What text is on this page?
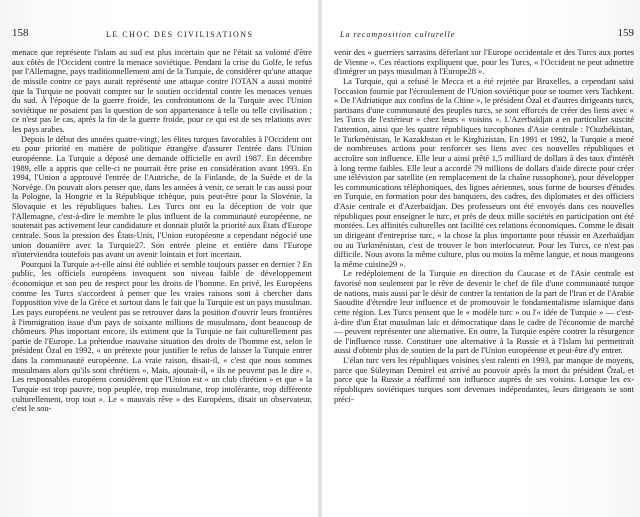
158	LE CHOC DES CIVILISATIONS

menace que représente l'islam au sud est plus incertain que ne l'était sa volonté d'être aux côtés de l'Occident contre la menace soviétique. Pendant la crise du Golfe, le refus par l'Allemagne, pays traditionnellement ami de la Turquie, de considérer qu'une attaque de missile contre ce pays aurait représenté une attaque contre l'OTAN a aussi montré que la Turquie ne pouvait compter sur le soutien occidental contre les menaces venues du sud. À l'époque de la guerre froide, les confrontations de la Turquie avec l'Union soviétique ne posaient pas la question de son appartenance à telle ou telle civilisation ; ce n'est pas le cas, après la fin de la guerre froide, pour ce qui est de ses relations avec les pays arabes.

Depuis le début des années quatre-vingt, les élites turques favorables à l'Occident ont eu pour priorité en matière de politique étrangère d'assurer l'entrée dans l'Union européenne. La Turquie a déposé une demande officielle en avril 1987. En décembre 1989, elle a appris que celle-ci ne pourrait être prise en considération avant 1993. En 1994, l'Union a approuvé l'entrée de l'Autriche, de la Finlande, de la Suède et de la Norvège. On pouvait alors penser que, dans les années à venir, ce serait le cas aussi pour la Pologne, la Hongrie et la République tchèque, puis peut-être pour la Slovénie, la Slovaquie et les républiques baltes. Les Turcs ont eu la déception de voir que l'Allemagne, c'est-à-dire le membre le plus influent de la communauté européenne, ne soutenait pas activement leur candidature et donnait plutôt la priorité aux États d'Europe centrale. Sous la pression des États-Unis, l'Union européenne a cependant négocié une union douanière avec la Turquie27. Son entrée pleine et entière dans l'Europe n'interviendra toutefois pas avant un avenir lointain et fort incertain.

Pourquoi la Turquie a-t-elle ainsi été oubliée et semble toujours passer en dernier ? En public, les officiels européens invoquent son niveau faible de développement économique et son peu de respect pour les droits de l'homme. En privé, les Européens comme les Turcs s'accordent à penser que les vraies raisons sont à chercher dans l'opposition vive de la Grèce et surtout dans le fait que la Turquie est un pays musulman. Les pays européens ne veulent pas se retrouver dans la position d'ouvrir leurs frontières à l'immigration issue d'un pays de soixante millions de musulmans, dont beaucoup de chômeurs. Plus important encore, ils estiment que la Turquie ne fait culturellement pas partie de l'Europe. La prétendue mauvaise situation des droits de l'homme est, selon le président Özal en 1992, « un prétexte pour justifier le refus de laisser la Turquie entrer dans la communauté européenne. La vraie raison, disait-il, « c'est que nous sommes musulmans alors qu'ils sont chrétiens », Mais, ajoutait-il, « ils ne peuvent pas le dire ». Les responsables européens considèrent que l'Union est « un club chrétien » et que « la Turquie est trop pauvre, trop peuplée, trop musulmane, trop intolérante, trop différente culturellement, trop tout ». Le « mauvais rêve » des Européens, disait un observateur, c'est le sou-

La recomposition culturelle	159

venir des « guerriers sarrasins déferlant sur l'Europe occidentale et des Turcs aux portes de Vienne ». Ces réactions expliquent que, pour les Turcs, « l'Occident ne peut admettre d'intégrer un pays musulman à l'Europe28 ».

La Turquie, qui a refusé le Mecca et a été rejetée par Bruxelles, a cependant saisi l'occasion fournie par l'écroulement de l'Union soviétique pour se tourner vers Tachkent. « De l'Adriatique aux confins de la Chine », le président Özal et d'autres dirigeants turcs, partisans d'une communauté des peuples turcs, se sont efforcés de créer des liens avec « les Turcs de l'extérieur » chez leurs « voisins ». L'Azerbaïdjan a en particulier suscité l'attention, ainsi que les quatre républiques turcophones d'Asie centrale : l'Ouzbékistan, le Turkménistan, le Kazakhstan et le Kirghizistan. En 1991 et 1992, la Turquie a mené de nombreuses actions pour renforcer ses liens avec ces nouvelles républiques et accroître son influence. Elle leur a ainsi prêté 1,5 milliard de dollars à des taux d'intérêt à long terme faibles. Elle leur a accordé 79 millions de dollars d'aide directe pour créer une télévision par satellite (en remplacement de la chaîne russophone), pour développer les communications téléphoniques, des lignes aériennes, sous forme de bourses d'études en Turquie, en formation pour des banquiers, des cadres, des diplomates et des officiers d'Asie centrale et d'Azerbaïdjan. Des professeurs ont été envoyés dans ces nouvelles républiques pour enseigner le turc, et près de deux mille sociétés en participation ont été montées. Les affinités culturelles ont facilité ces relations économiques. Comme le disait un dirigeant d'entreprise turc, « la chose la plus importante pour réussir en Azerbaïdjan ou au Turkménistan, c'est de trouver le bon interlocuteur. Pour les Turcs, ce n'est pas difficile. Nous avons la même culture, plus ou moins la même langue, et nous mangeons la même cuisine29 ».

Le redéploiement de la Turquie en direction du Caucase et de l'Asie centrale est favorisé non seulement par le rêve de devenir le chef de file d'une communauté turque de nations, mais aussi par le désir de contrer la tentation de la part de l'Iran et de l'Arabie Saoudite d'étendre leur influence et de promouvoir le fondamentalisme islamique dans cette région. Les Turcs pensent que le « modèle turc » ou l'« idée de Turquie » — c'est-à-dire d'un État musulman laïc et démocratique dans le cadre de l'économie de marché — peuvent représenter une alternative. En outre, la Turquie espère contrer la résurgence de l'influence russe. Constituer une alternative à la Russie et à l'Islam lui permettrait aussi d'obtenir plus de soutien de la part de l'Union européenne et peut-être d'y entrer.

L'élan turc vers les républiques voisines s'est ralenti en 1993, par manque de moyens, parce que Süleyman Demirel est arrivé au pouvoir après la mort du président Özal, et parce que la Russie a réaffirmé son influence auprès de ses voisins. Lorsque les ex-républiques soviétiques turques sont devenues indépendantes, leurs dirigeants se sont préci-
